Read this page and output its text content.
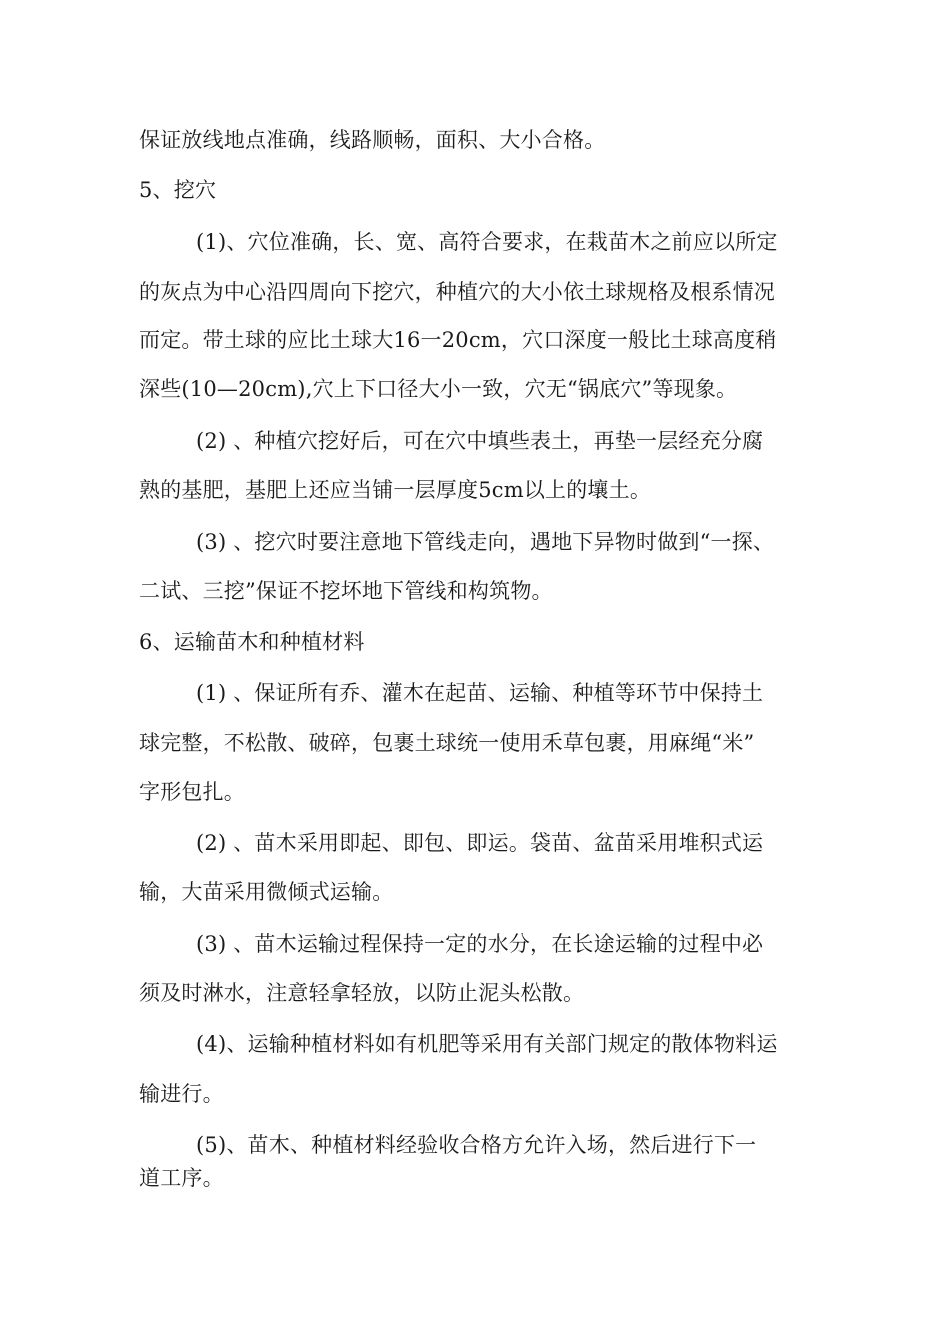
保证放线地点准确，线路顺畅，面积、大小合格。
5、挖穴
(1)、穴位准确，长、宽、高符合要求，在栽苗木之前应以所定
的灰点为中心沿四周向下挖穴，种植穴的大小依土球规格及根系情况
而定。带土球的应比土球大16一20cm，穴口深度一般比土球高度稍
深些(10—20cm),穴上下口径大小一致，穴无“锅底穴”等现象。
(2) 、种植穴挖好后，可在穴中填些表土，再垫一层经充分腐
熟的基肥，基肥上还应当铺一层厚度5cm以上的壤土。
(3) 、挖穴时要注意地下管线走向，遇地下异物时做到“一探、
二试、三挖”保证不挖坏地下管线和构筑物。
6、运输苗木和种植材料
(1) 、保证所有乔、灌木在起苗、运输、种植等环节中保持土
球完整，不松散、破碎，包裹土球统一使用禾草包裹，用麻绳“米”
字形包扎。
(2) 、苗木采用即起、即包、即运。袋苗、盆苗采用堆积式运
输，大苗采用微倾式运输。
(3) 、苗木运输过程保持一定的水分，在长途运输的过程中必
须及时淋水，注意轻拿轻放，以防止泥头松散。
(4)、运输种植材料如有机肥等采用有关部门规定的散体物料运
输进行。
(5)、苗木、种植材料经验收合格方允许入场，然后进行下一
道工序。
